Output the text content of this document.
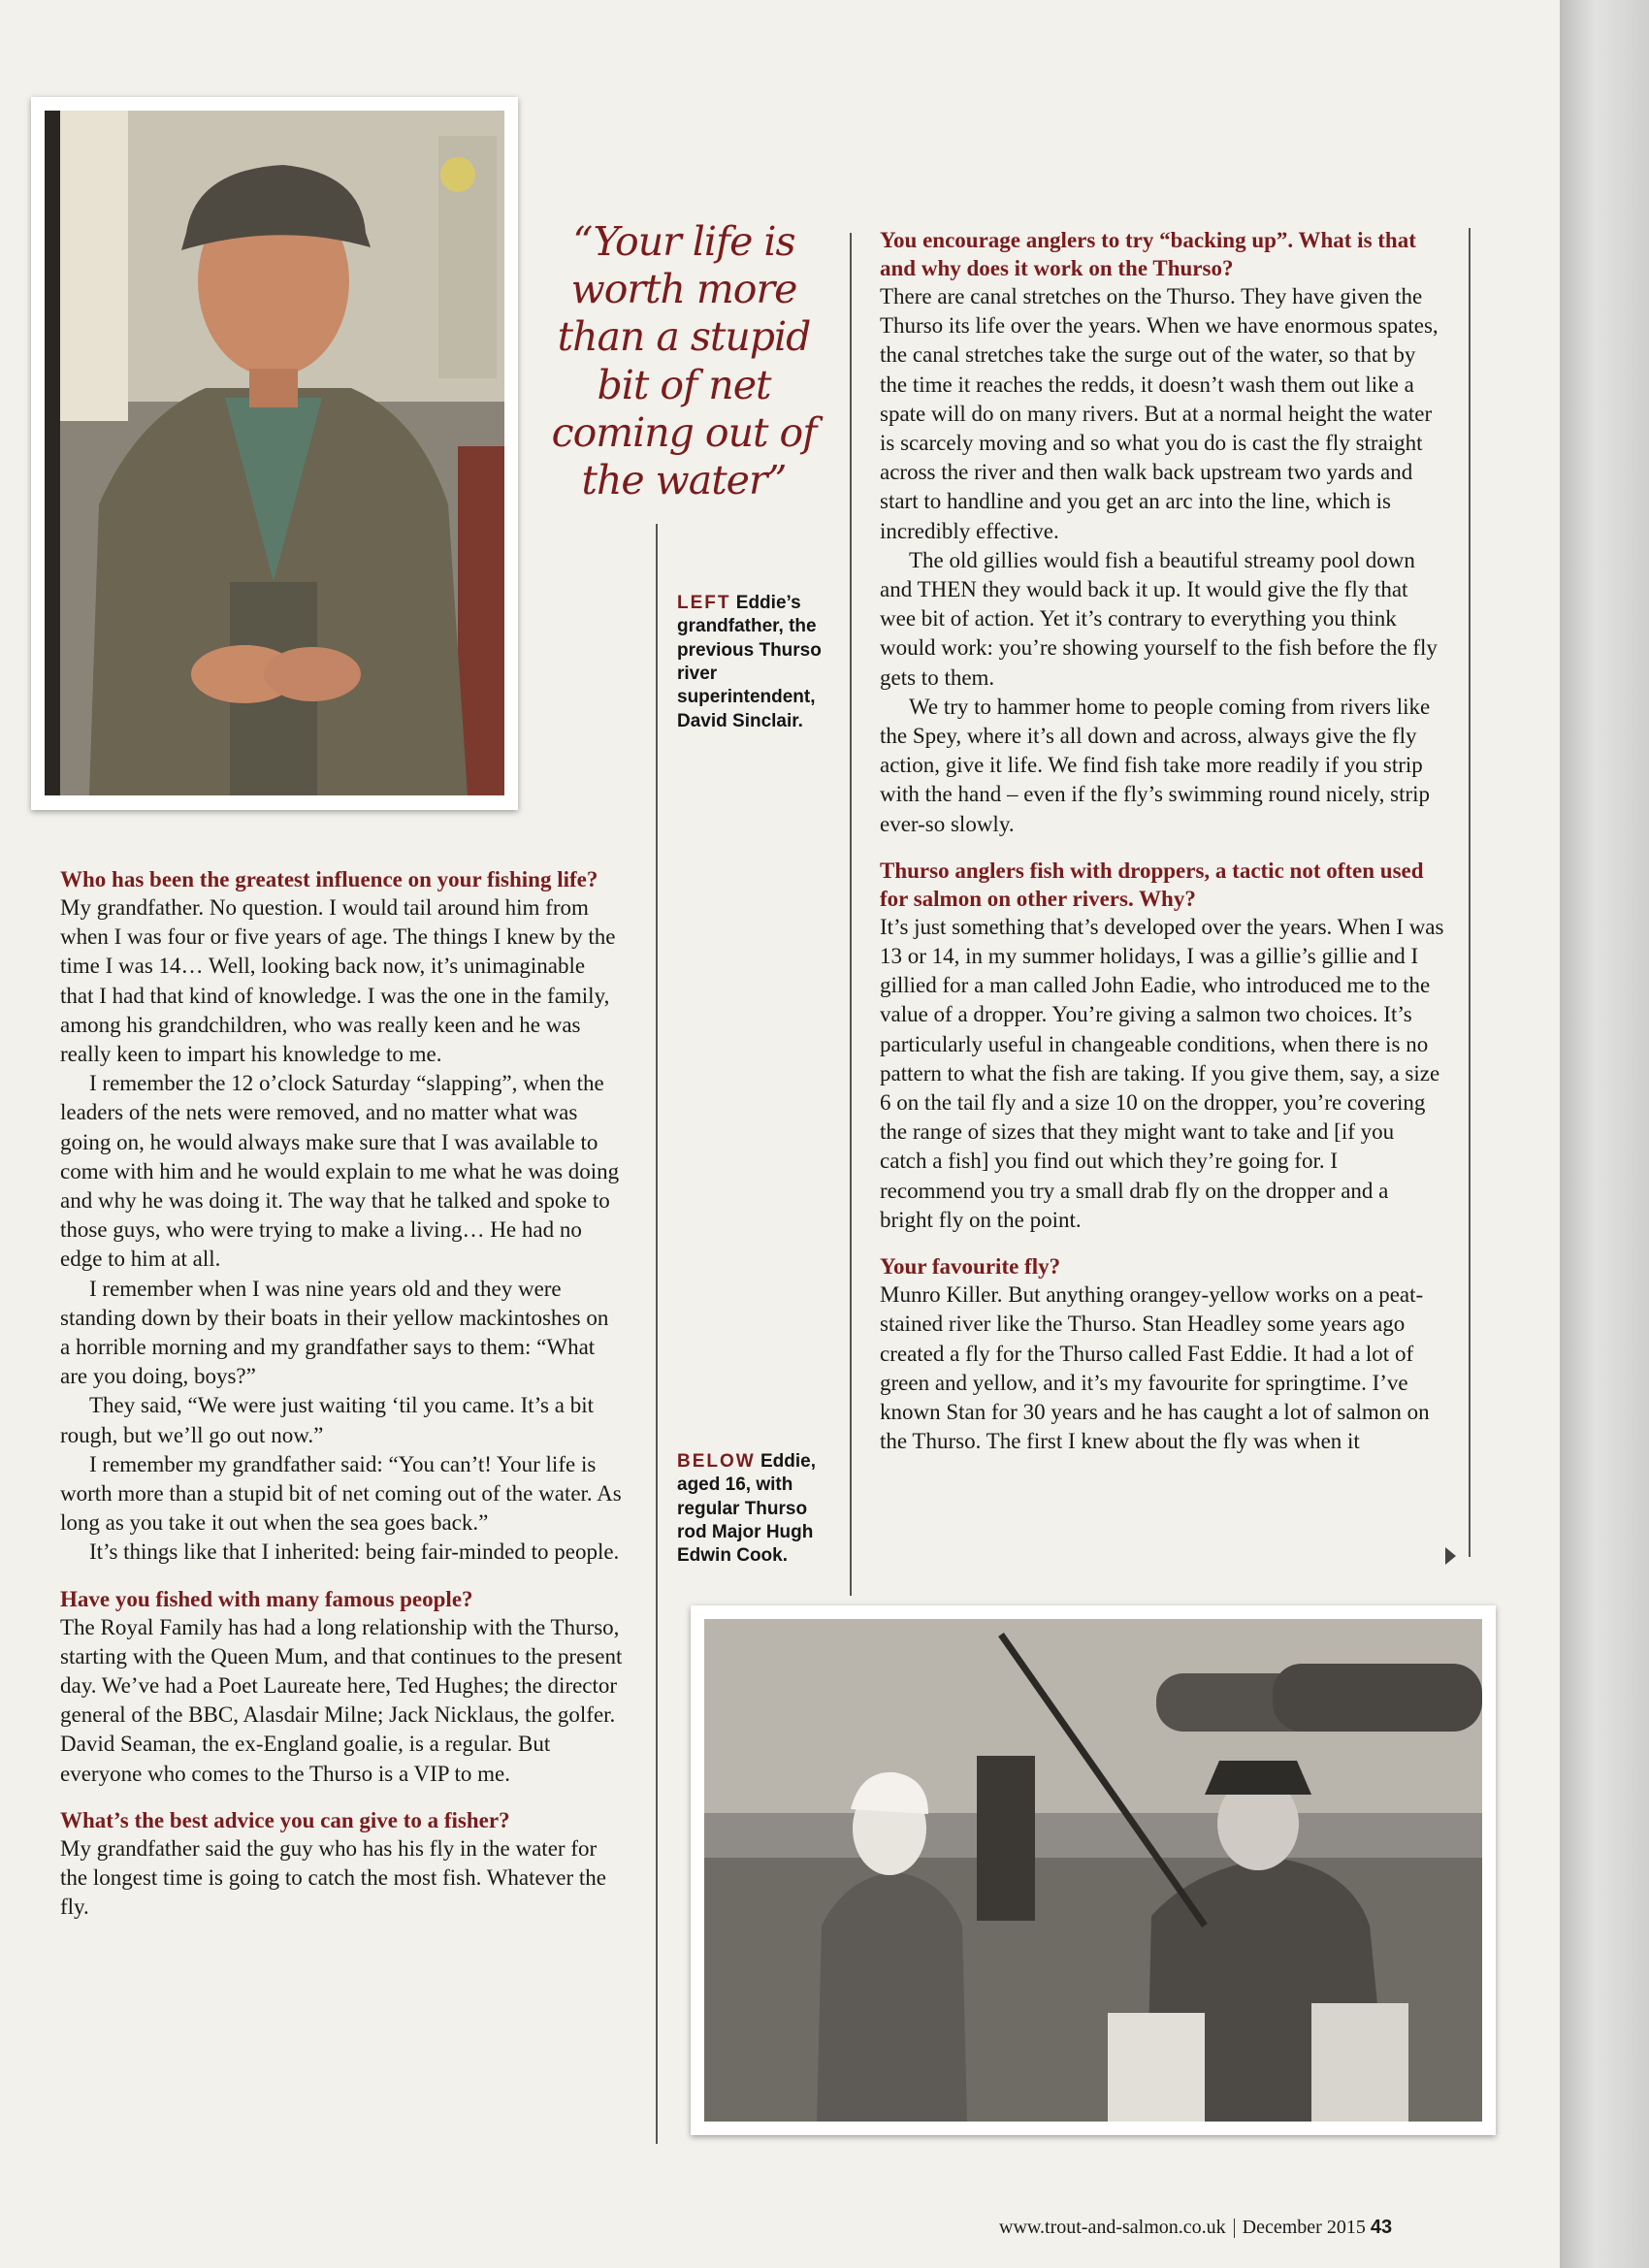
“Your life is worth more than a stupid bit of net coming out of the water”
LEFT Eddie’s grandfather, the previous Thurso river superintendent, David Sinclair.
BELOW Eddie, aged 16, with regular Thurso rod Major Hugh Edwin Cook.
Who has been the greatest influence on your fishing life?

My grandfather. No question. I would tail around him from when I was four or five years of age. The things I knew by the time I was 14… Well, looking back now, it’s unimaginable that I had that kind of knowledge. I was the one in the family, among his grandchildren, who was really keen and he was really keen to impart his knowledge to me.

I remember the 12 o’clock Saturday “slapping”, when the leaders of the nets were removed, and no matter what was going on, he would always make sure that I was available to come with him and he would explain to me what he was doing and why he was doing it. The way that he talked and spoke to those guys, who were trying to make a living… He had no edge to him at all.

I remember when I was nine years old and they were standing down by their boats in their yellow mackintoshes on a horrible morning and my grandfather says to them: “What are you doing, boys?”

They said, “We were just waiting ‘til you came. It’s a bit rough, but we’ll go out now.”

I remember my grandfather said: “You can’t! Your life is worth more than a stupid bit of net coming out of the water. As long as you take it out when the sea goes back.”

It’s things like that I inherited: being fair-minded to people.

Have you fished with many famous people?

The Royal Family has had a long relationship with the Thurso, starting with the Queen Mum, and that continues to the present day. We’ve had a Poet Laureate here, Ted Hughes; the director general of the BBC, Alasdair Milne; Jack Nicklaus, the golfer. David Seaman, the ex-England goalie, is a regular. But everyone who comes to the Thurso is a VIP to me.

What’s the best advice you can give to a fisher?

My grandfather said the guy who has his fly in the water for the longest time is going to catch the most fish. Whatever the fly.

You encourage anglers to try “backing up”. What is that and why does it work on the Thurso?

There are canal stretches on the Thurso. They have given the Thurso its life over the years. When we have enormous spates, the canal stretches take the surge out of the water, so that by the time it reaches the redds, it doesn’t wash them out like a spate will do on many rivers. But at a normal height the water is scarcely moving and so what you do is cast the fly straight across the river and then walk back upstream two yards and start to handline and you get an arc into the line, which is incredibly effective.

The old gillies would fish a beautiful streamy pool down and THEN they would back it up. It would give the fly that wee bit of action. Yet it’s contrary to everything you think would work: you’re showing yourself to the fish before the fly gets to them.

We try to hammer home to people coming from rivers like the Spey, where it’s all down and across, always give the fly action, give it life. We find fish take more readily if you strip with the hand – even if the fly’s swimming round nicely, strip ever-so slowly.

Thurso anglers fish with droppers, a tactic not often used for salmon on other rivers. Why?

It’s just something that’s developed over the years. When I was 13 or 14, in my summer holidays, I was a gillie’s gillie and I gillied for a man called John Eadie, who introduced me to the value of a dropper. You’re giving a salmon two choices. It’s particularly useful in changeable conditions, when there is no pattern to what the fish are taking. If you give them, say, a size 6 on the tail fly and a size 10 on the dropper, you’re covering the range of sizes that they might want to take and [if you catch a fish] you find out which they’re going for. I recommend you try a small drab fly on the dropper and a bright fly on the point.

Your favourite fly?

Munro Killer. But anything orangey-yellow works on a peat-stained river like the Thurso. Stan Headley some years ago created a fly for the Thurso called Fast Eddie. It had a lot of green and yellow, and it’s my favourite for springtime. I’ve known Stan for 30 years and he has caught a lot of salmon on the Thurso. The first I knew about the fly was when it

www.trout-and-salmon.co.uk December 2015 43
